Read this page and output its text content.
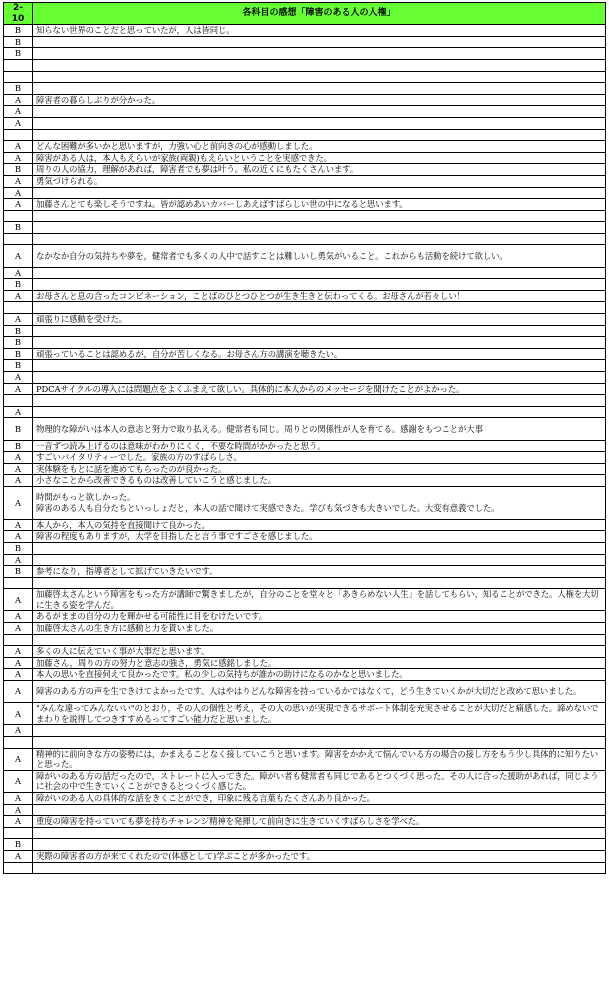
2-10	各科目の感想「障害のある人の人権」
B	知らない世界のことだと思っていたが，人は皆同じ。
B	
B	

B	
A	障害者の暮らしぶりが分かった。
A	
A	

A	どんな困難が多いかと思いますが，力強い心と前向きの心が感動しました。
A	障害がある人は，本人もえらいが家族(両親)もえらいということを実感できた。
B	周りの人の協力，理解があれば，障害者でも夢は叶う。私の近くにもたくさんいます。
A	勇気づけられる。
A	
A	加藤さんとても楽しそうですね。皆が認めあいカバーしあえばすばらしい世の中になると思います。

B	

A	なかなか自分の気持ちや夢を，健常者でも多くの人中で話すことは難しいし勇気がいること。これからも活動を続けて欲しい。
A	
B	
A	お母さんと息の合ったコンビネーション，ことばのひとつひとつが生き生きと伝わってくる。お母さんが若々しい！

A	頑張りに感動を受けた。
B	
B	
B	頑張っていることは認めるが，自分が苦しくなる。お母さん方の講演を聴きたい。
B	
A	
A	PDCAサイクルの導入には問題点をよくふまえて欲しい。具体的に本人からのメッセージを聞けたことがよかった。

A	
B	物理的な障がいは本人の意志と努力で取り払える。健常者も同じ。周りとの関係性が人を育てる。感謝をもつことが大事
B	一音ずつ読み上げるのは意味がわかりにくく，不要な時間がかかったと思う。
A	すごいバイタリティーでした。家族の方のすばらしさ。
A	実体験をもとに話を進めてもらったのが良かった。
A	小さなことから改善できるものは改善していこうと感じました。
A	時間がもっと欲しかった。
障害のある人も自分たちといっしょだと，本人の話で聞けて実感できた。学びも気づきも大きいでした。大変有意義でした。
A	本人から，本人の気持を直接聞けて良かった。
A	障害の程度もありますが，大学を目指したと言う事ですごさを感じました。
B	
A	
B	参考になり，指導者として拡げていきたいです。

A	加藤啓太さんという障害をもった方が講師で驚きましたが，自分のことを堂々と「あきらめない人生」を話してもらい，知ることができた。人権を大切に生きる姿を学んだ。
A	あるがままの自分の力を輝かせる可能性に目をむけたいです。
A	加藤啓太さんの生き方に感動と力を貰いました。

A	多くの人に伝えていく事が大事だと思います。
A	加藤さん，周りの方の努力と意志の強さ，勇気に感銘しました。
A	本人の思いを直接伺えて良かったです。私の少しの気持ちが誰かの助けになるのかなと思いました。
A	障害のある方の声を生できけてよかったです。人はやはりどんな障害を持っているかではなくて，どう生きていくかが大切だと改めて思いました。
A	"みんな違ってみんないい"のとおり，その人の個性と考え，その人の思いが実現できるサポート体制を充実させることが大切だと痛感した。諦めないでまわりを説得してつきすすめるってすごい能力だと思いました。
A	

A	精神的に前向きな方の姿勢には，かまえることなく接していこうと思います。障害をかかえて悩んでいる方の場合の接し方をもう少し具体的に知りたいと思った。
A	障がいのある方の話だったので，ストレートに入ってきた。障がい者も健常者も同じであるとつくづく思った。その人に合った援助があれば，同じように社会の中で生きていくことができるとつくづく感じた。
A	障がいのある人の具体的な話をきくことができ，印象に残る言葉もたくさんあり良かった。
A	
A	重度の障害を持っていても夢を持ちチャレンジ精神を発揮して前向きに生きていくすばらしさを学べた。

B	
A	実際の障害者の方が来てくれたので(体感として)学ぶことが多かったです。
